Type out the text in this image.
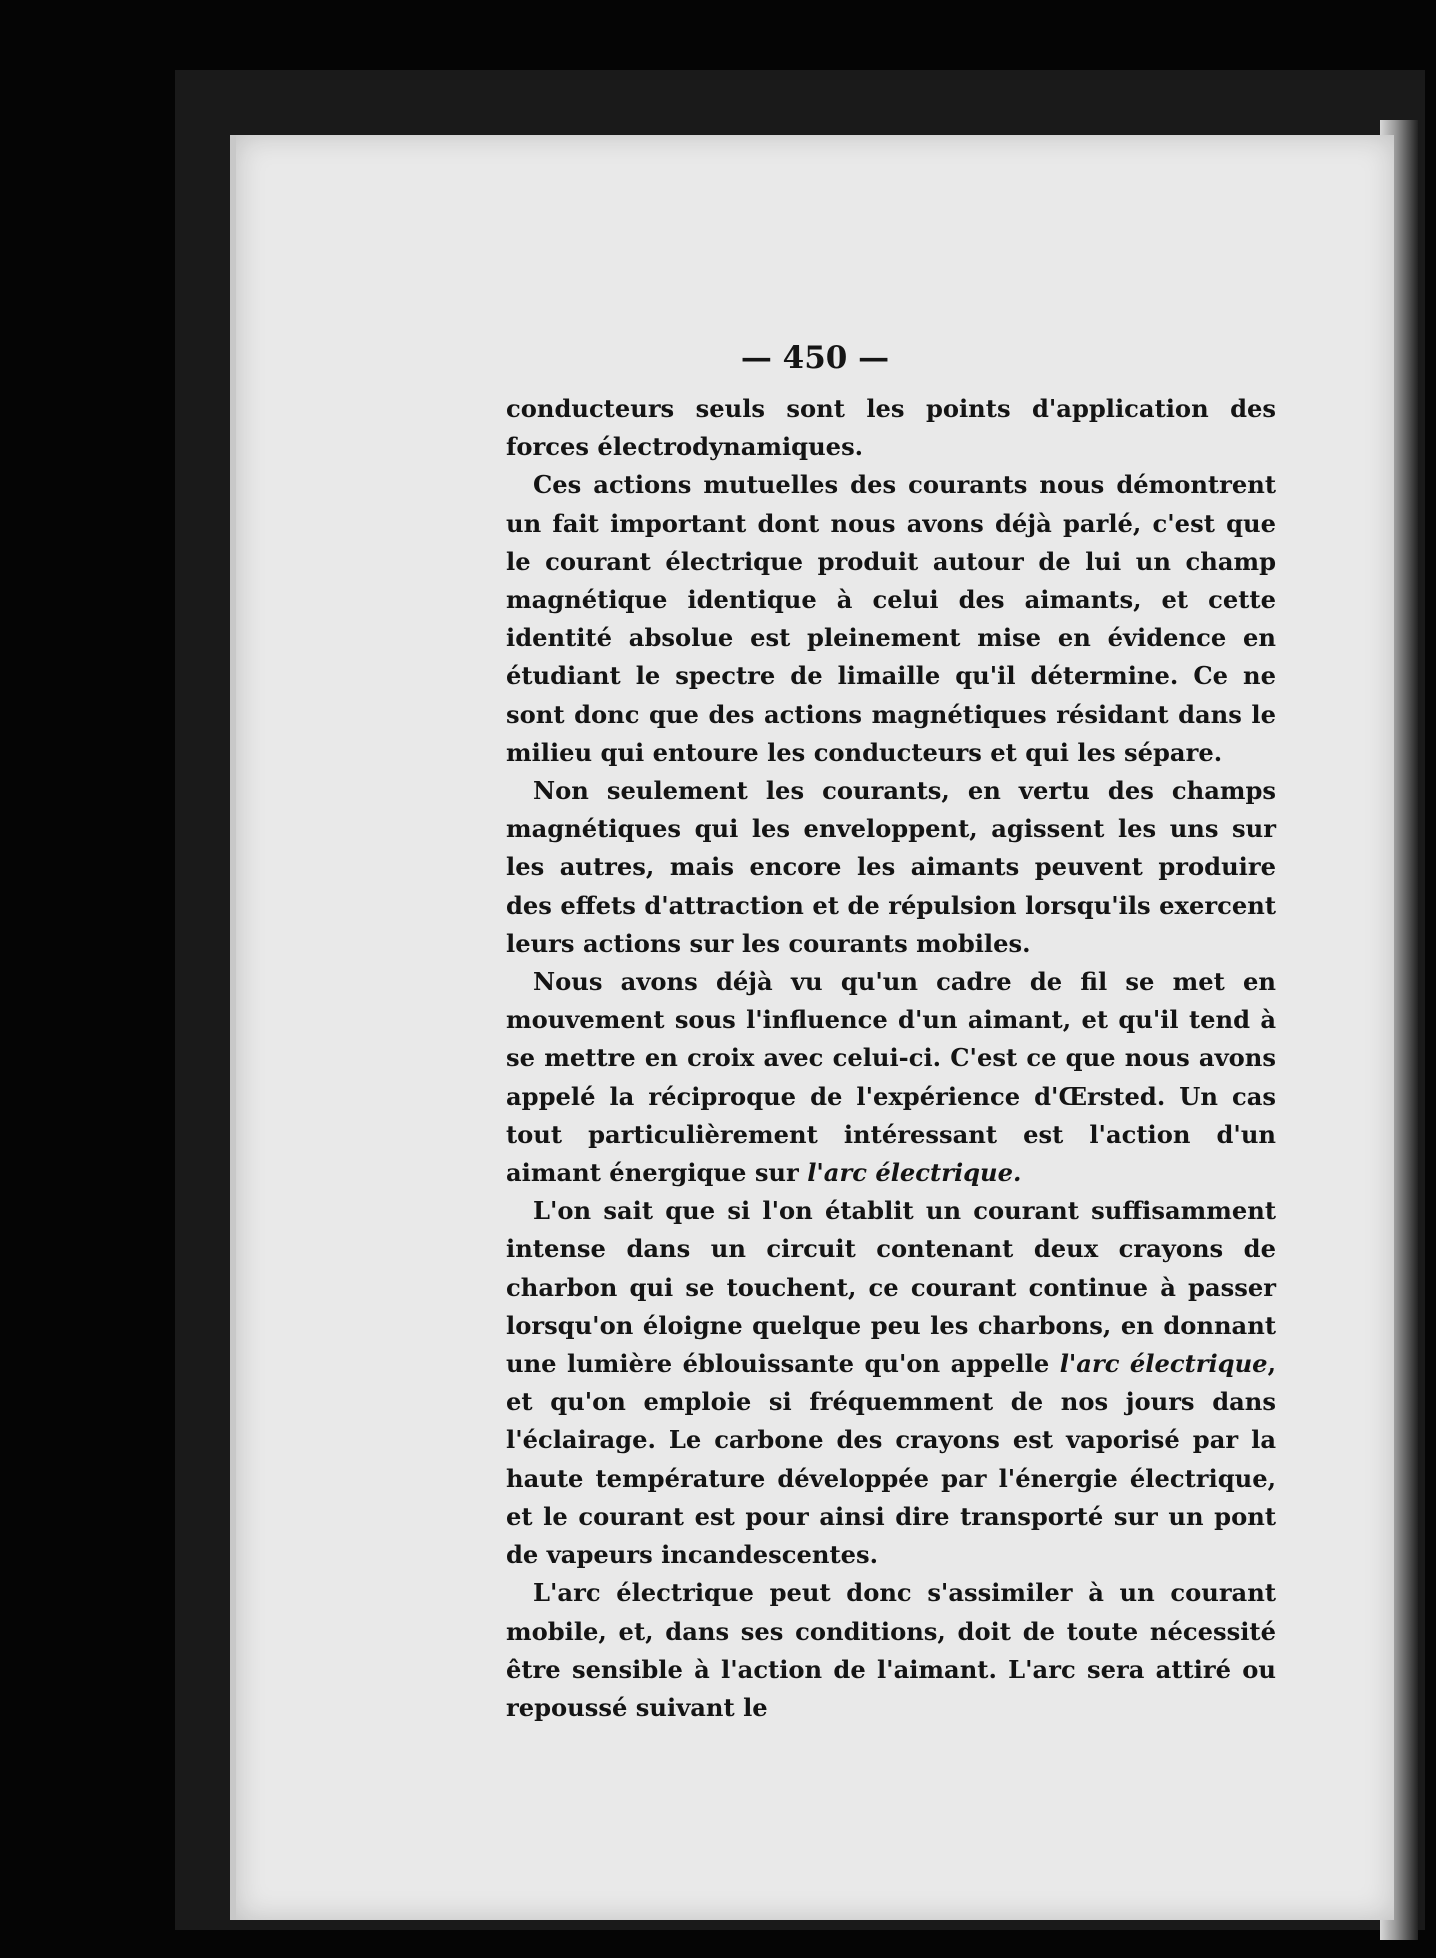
— 450 —

conducteurs seuls sont les points d'application des forces électrodynamiques.

Ces actions mutuelles des courants nous démontrent un fait important dont nous avons déjà parlé, c'est que le courant électrique produit autour de lui un champ magnétique identique à celui des aimants, et cette identité absolue est pleinement mise en évidence en étudiant le spectre de limaille qu'il détermine. Ce ne sont donc que des actions magnétiques résidant dans le milieu qui entoure les conducteurs et qui les sépare.

Non seulement les courants, en vertu des champs magnétiques qui les enveloppent, agissent les uns sur les autres, mais encore les aimants peuvent produire des effets d'attraction et de répulsion lorsqu'ils exercent leurs actions sur les courants mobiles.

Nous avons déjà vu qu'un cadre de fil se met en mouvement sous l'influence d'un aimant, et qu'il tend à se mettre en croix avec celui-ci. C'est ce que nous avons appelé la réciproque de l'expérience d'Œrsted. Un cas tout particulièrement intéressant est l'action d'un aimant énergique sur l'arc électrique.

L'on sait que si l'on établit un courant suffisamment intense dans un circuit contenant deux crayons de charbon qui se touchent, ce courant continue à passer lorsqu'on éloigne quelque peu les charbons, en donnant une lumière éblouissante qu'on appelle l'arc électrique, et qu'on emploie si fréquemment de nos jours dans l'éclairage. Le carbone des crayons est vaporisé par la haute température développée par l'énergie électrique, et le courant est pour ainsi dire transporté sur un pont de vapeurs incandescentes.

L'arc électrique peut donc s'assimiler à un courant mobile, et, dans ses conditions, doit de toute nécessité être sensible à l'action de l'aimant. L'arc sera attiré ou repoussé suivant le
